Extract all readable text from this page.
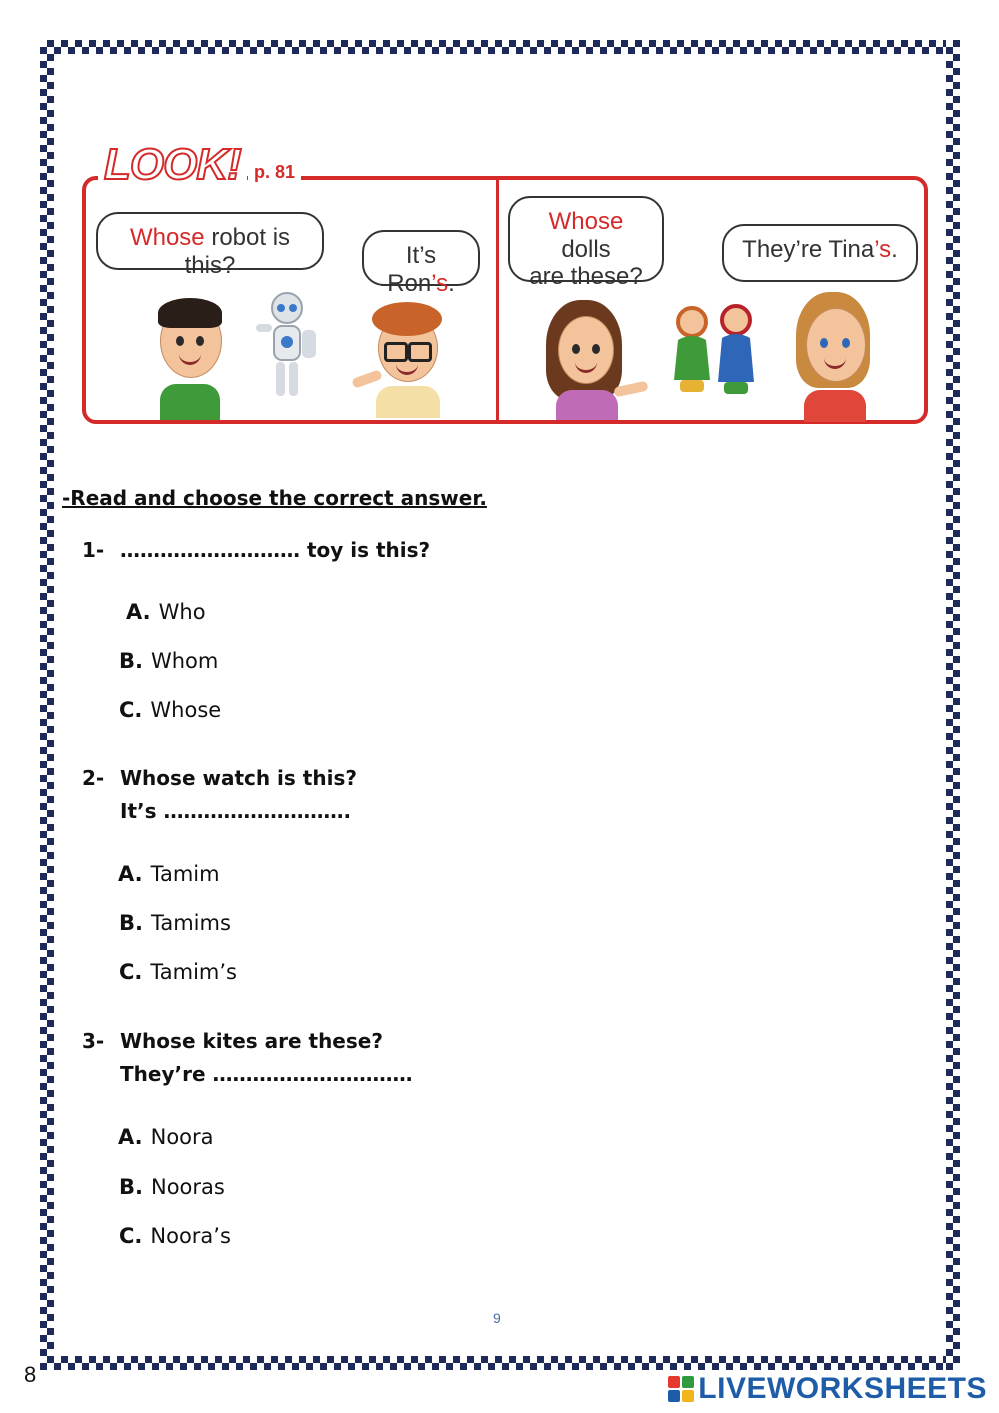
LOOK! p. 81
Whose robot is this?	It’s Ron’s.
Whose dolls
are these?
They’re Tina’s.
-Read and choose the correct answer.
1- ……………………… toy is this?
A. Who
B. Whom
C. Whose
2- Whose watch is this?
It’s ……………………….
A. Tamim
B. Tamims
C. Tamim’s
3- Whose kites are these?
They’re …………………………
A. Noora
B. Nooras
C. Noora’s
9
8	LIVEWORKSHEETS
